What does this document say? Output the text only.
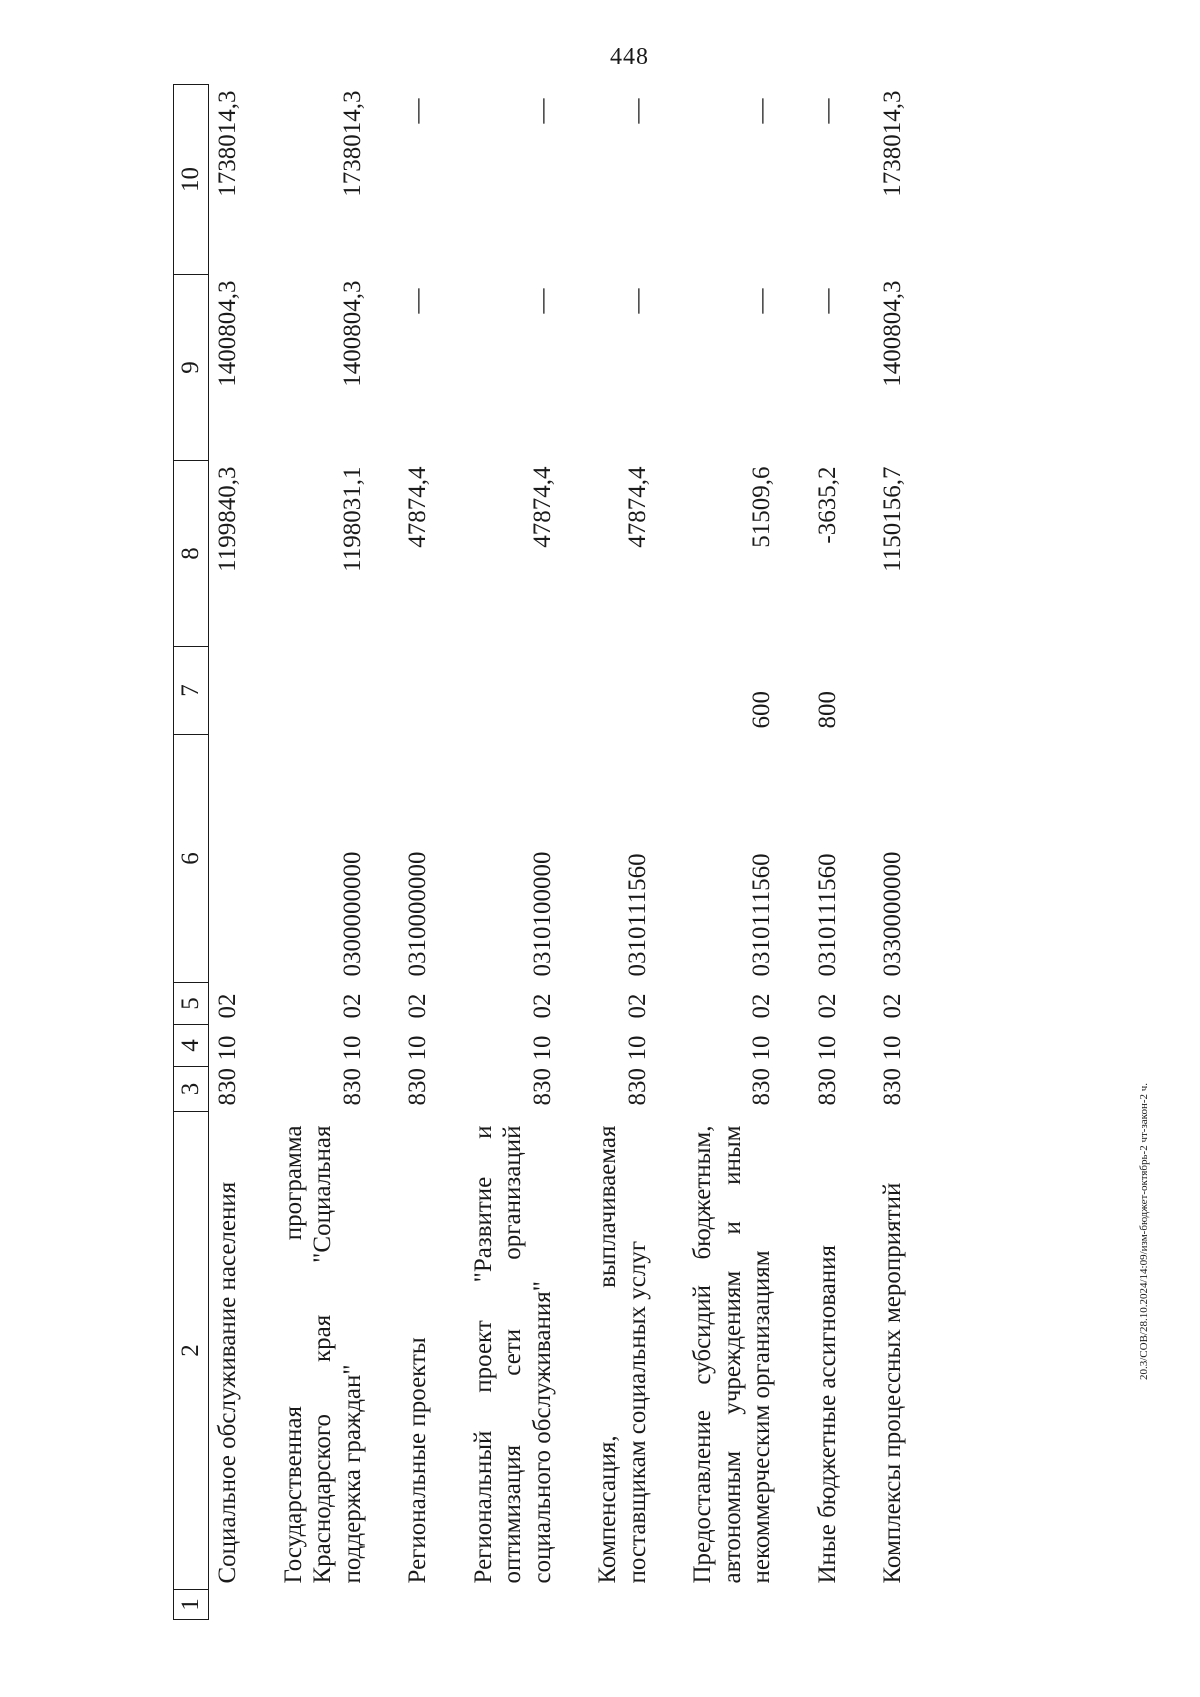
448
1	2	3	4	5	6	7	8	9	10
	Социальное обслуживание населения	830	10	02			1199840,3	1400804,3	1738014,3
	Государственная программа Краснодарского края "Социальная поддержка граждан"	830	10	02	0300000000		1198031,1	1400804,3	1738014,3
	Региональные проекты	830	10	02	0310000000		47874,4	—	—
	Региональный проект "Развитие и оптимизация сети организаций социального обслуживания"	830	10	02	0310100000		47874,4	—	—
	Компенсация, выплачиваемая поставщикам социальных услуг	830	10	02	0310111560		47874,4	—	—
	Предоставление субсидий бюджетным, автономным учреждениям и иным некоммерческим организациям	830	10	02	0310111560	600	51509,6	—	—
	Иные бюджетные ассигнования	830	10	02	0310111560	800	-3635,2	—	—
	Комплексы процессных мероприятий	830	10	02	0330000000		1150156,7	1400804,3	1738014,3
20.3/СОВ/28.10.2024/14:09/изм-бюджет-октябрь-2 чт-закон-2 ч.
